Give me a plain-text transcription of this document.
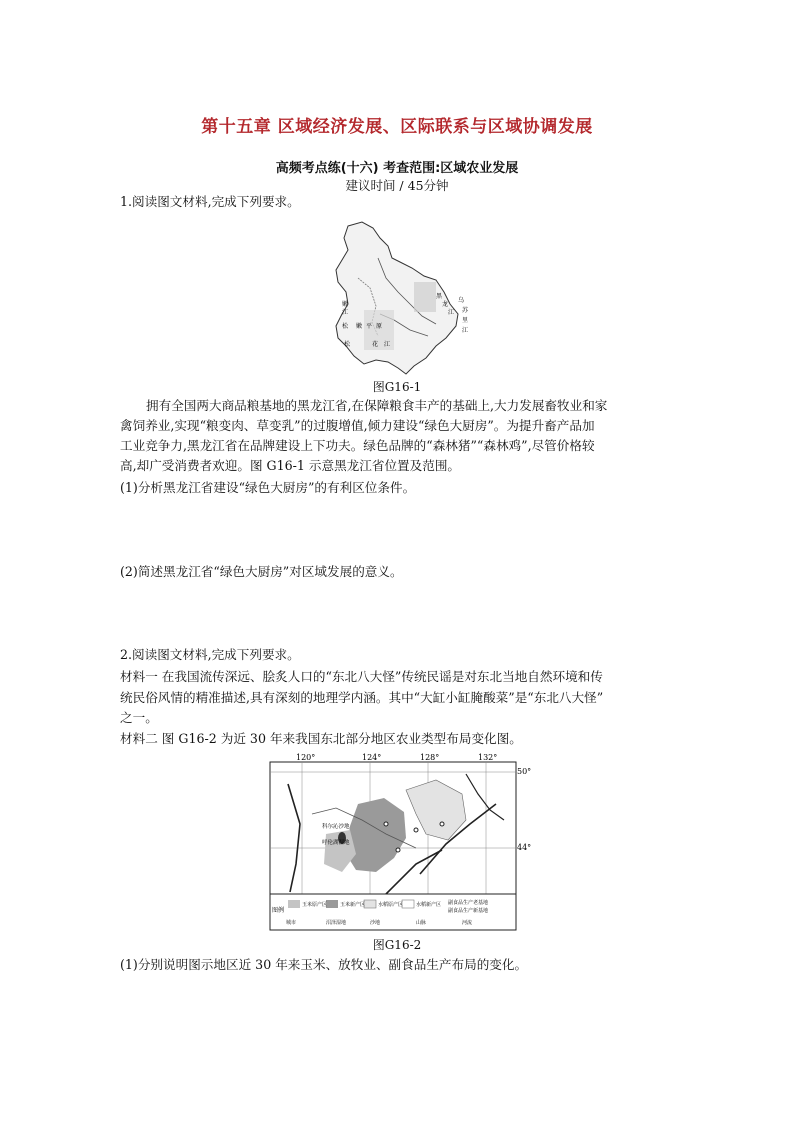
第十五章 区域经济发展、区际联系与区域协调发展
高频考点练(十六) 考查范围:区域农业发展
建议时间 / 45分钟
1.阅读图文材料,完成下列要求。
嫩
江
松
松
嫩 平 原
花 江
黑
龙
江
乌
苏
里
江
图G16-1
拥有全国两大商品粮基地的黑龙江省,在保障粮食丰产的基础上,大力发展畜牧业和家
禽饲养业,实现“粮变肉、草变乳”的过腹增值,倾力建设“绿色大厨房”。为提升畜产品加
工业竞争力,黑龙江省在品牌建设上下功夫。绿色品牌的“森林猪”“森林鸡”,尽管价格较
高,却广受消费者欢迎。图 G16-1 示意黑龙江省位置及范围。
(1)分析黑龙江省建设“绿色大厨房”的有利区位条件。
(2)简述黑龙江省“绿色大厨房”对区域发展的意义。
2.阅读图文材料,完成下列要求。
材料一 在我国流传深远、脍炙人口的“东北八大怪”传统民谣是对东北当地自然环境和传
统民俗风情的精准描述,具有深刻的地理学内涵。其中“大缸小缸腌酸菜”是“东北八大怪”
之一。
材料二 图 G16-2 为近 30 年来我国东北部分地区农业类型布局变化图。
120°	124°	128°	132°
50°
44°
科尔沁沙地
呼伦湖湿地
图例
玉米原产区	玉米新产区	水稻原产区	水稻新产区 副食品生产老基地
副食品生产新基地
城市	沼泽湿地	沙地	山脉	河流
图G16-2
(1)分别说明图示地区近 30 年来玉米、放牧业、副食品生产布局的变化。
